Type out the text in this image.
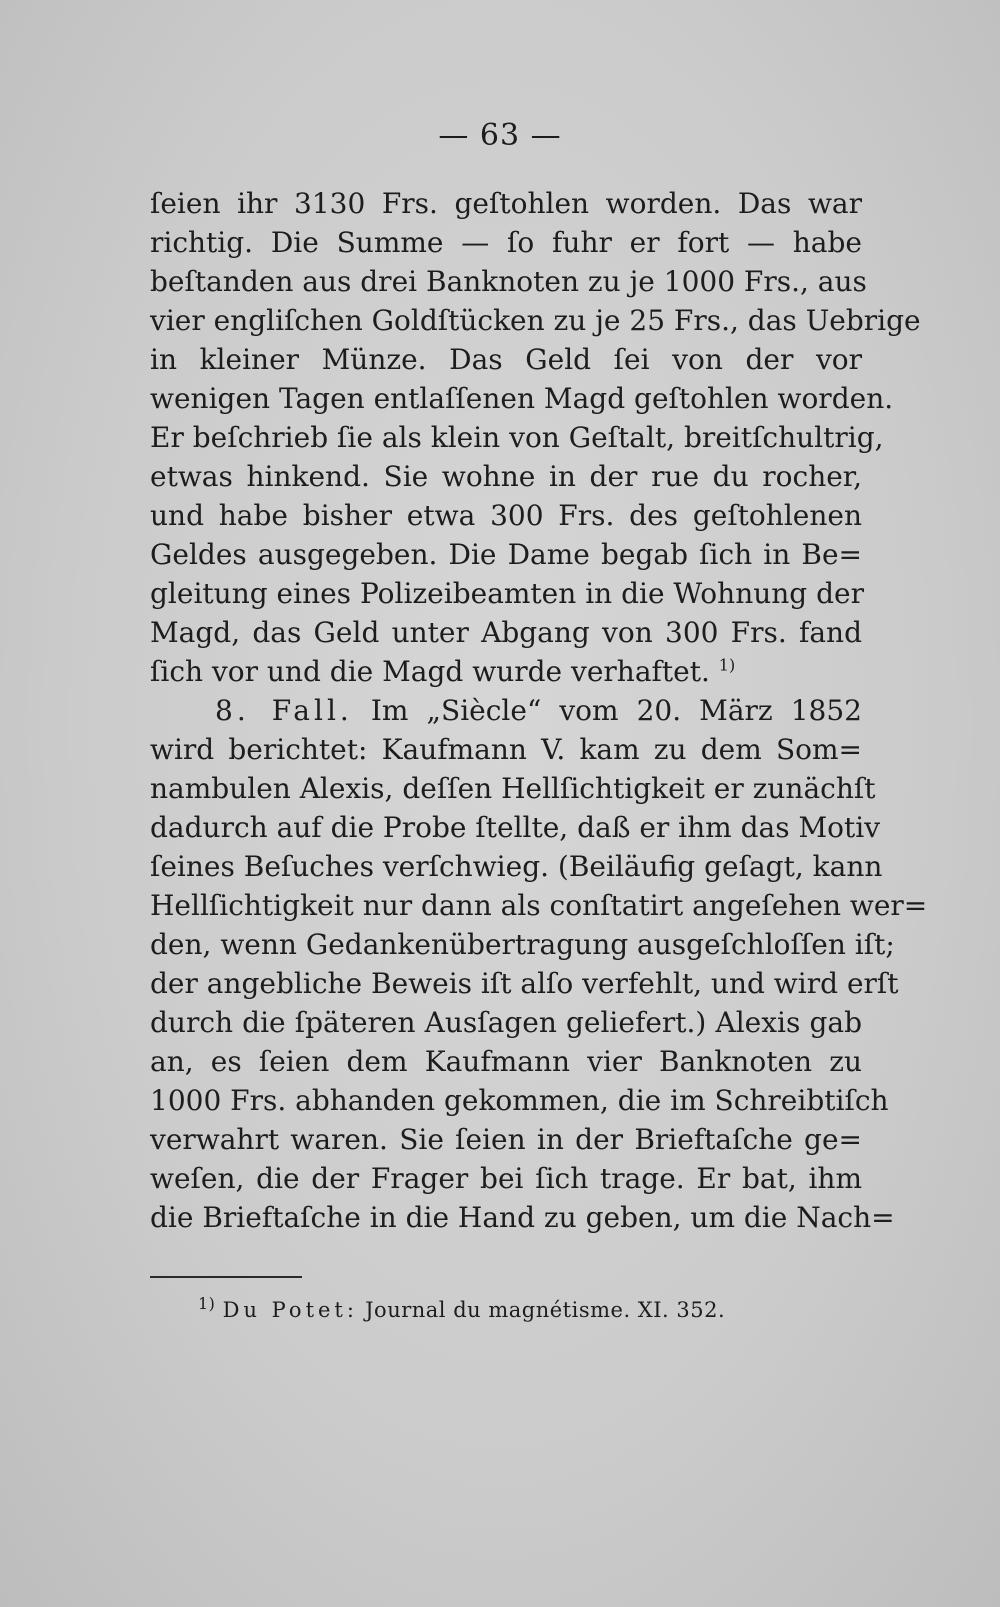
— 63 —
ſeien ihr 3130 Frs. geſtohlen worden. Das war
richtig. Die Summe — ſo fuhr er fort — habe
beſtanden aus drei Banknoten zu je 1000 Frs., aus
vier engliſchen Goldſtücken zu je 25 Frs., das Uebrige
in kleiner Münze. Das Geld ſei von der vor
wenigen Tagen entlaſſenen Magd geſtohlen worden.
Er beſchrieb ſie als klein von Geſtalt, breitſchultrig,
etwas hinkend. Sie wohne in der rue du rocher,
und habe bisher etwa 300 Frs. des geſtohlenen
Geldes ausgegeben. Die Dame begab ſich in Be=
gleitung eines Polizeibeamten in die Wohnung der
Magd, das Geld unter Abgang von 300 Frs. fand
ſich vor und die Magd wurde verhaftet. $^{1)}$
8. Fall. Im „Siècle“ vom 20. März 1852
wird berichtet: Kaufmann V. kam zu dem Som=
nambulen Alexis, deſſen Hellſichtigkeit er zunächſt
dadurch auf die Probe ſtellte, daß er ihm das Motiv
ſeines Beſuches verſchwieg. (Beiläufig geſagt, kann
Hellſichtigkeit nur dann als conſtatirt angeſehen wer=
den, wenn Gedankenübertragung ausgeſchloſſen iſt;
der angebliche Beweis iſt alſo verfehlt, und wird erſt
durch die ſpäteren Ausſagen geliefert.) Alexis gab
an, es ſeien dem Kaufmann vier Banknoten zu
1000 Frs. abhanden gekommen, die im Schreibtiſch
verwahrt waren. Sie ſeien in der Brieftaſche ge=
weſen, die der Frager bei ſich trage. Er bat, ihm
die Brieftaſche in die Hand zu geben, um die Nach=
$^{1)}$ Du Potet: Journal du magnétisme. XI. 352.
